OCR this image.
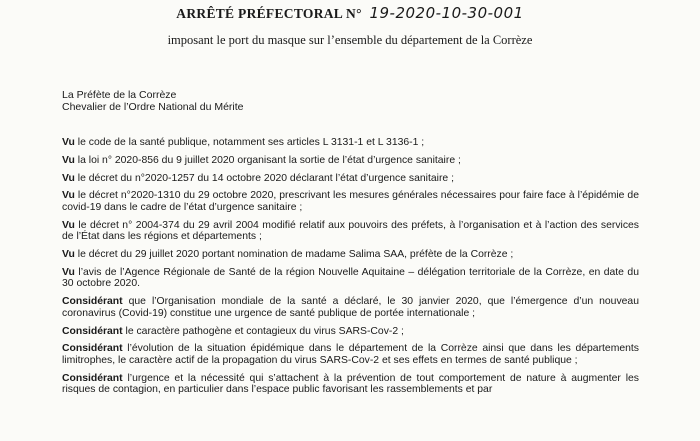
ARRÊTÉ PRÉFECTORAL N° 19-2020-10-30-001
imposant le port du masque sur l’ensemble du département de la Corrèze
La Préfète de la Corrèze
Chevalier de l’Ordre National du Mérite

Vu le code de la santé publique, notamment ses articles L 3131-1 et L 3136-1 ;

Vu la loi n° 2020-856 du 9 juillet 2020 organisant la sortie de l’état d’urgence sanitaire ;

Vu le décret du n°2020-1257 du 14 octobre 2020 déclarant l’état d’urgence sanitaire ;

Vu le décret n°2020-1310 du 29 octobre 2020, prescrivant les mesures générales nécessaires pour faire face à l’épidémie de covid-19 dans le cadre de l’état d’urgence sanitaire ;

Vu le décret n° 2004-374 du 29 avril 2004 modifié relatif aux pouvoirs des préfets, à l’organisation et à l’action des services de l’État dans les régions et départements ;

Vu le décret du 29 juillet 2020 portant nomination de madame Salima SAA, préfète de la Corrèze ;

Vu l’avis de l’Agence Régionale de Santé de la région Nouvelle Aquitaine – délégation territoriale de la Corrèze, en date du 30 octobre 2020.

Considérant que l’Organisation mondiale de la santé a déclaré, le 30 janvier 2020, que l’émergence d’un nouveau coronavirus (Covid-19) constitue une urgence de santé publique de portée internationale ;

Considérant le caractère pathogène et contagieux du virus SARS-Cov-2 ;

Considérant l’évolution de la situation épidémique dans le département de la Corrèze ainsi que dans les départements limitrophes, le caractère actif de la propagation du virus SARS-Cov-2 et ses effets en termes de santé publique ;

Considérant l’urgence et la nécessité qui s’attachent à la prévention de tout comportement de nature à augmenter les risques de contagion, en particulier dans l’espace public favorisant les rassemblements et par
